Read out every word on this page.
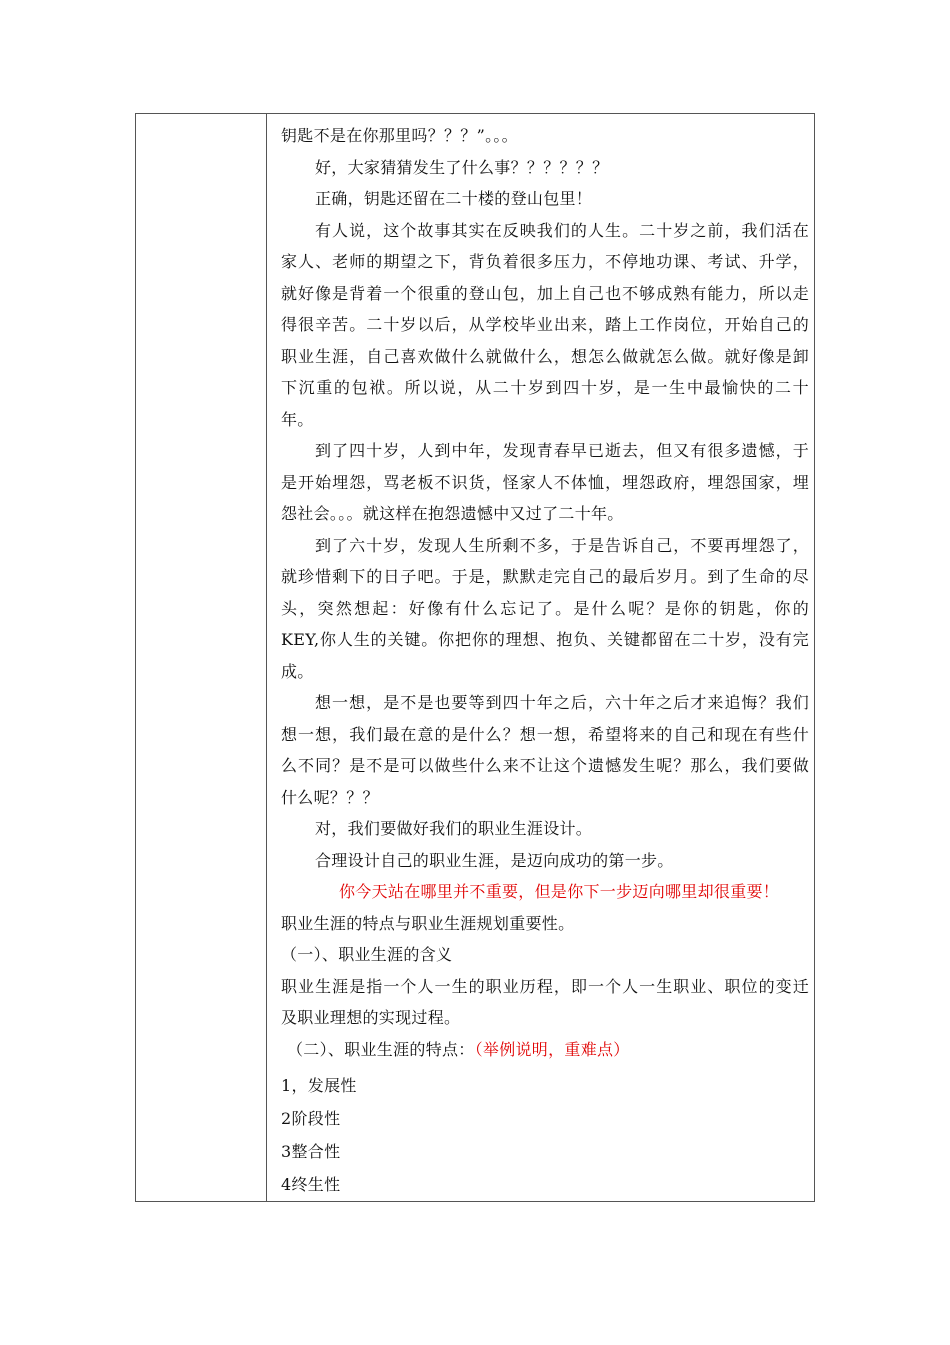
钥匙不是在你那里吗？？？”。。。
好，大家猜猜发生了什么事？？？？？？
正确，钥匙还留在二十楼的登山包里！
有人说，这个故事其实在反映我们的人生。二十岁之前，我们活在
家人、老师的期望之下，背负着很多压力，不停地功课、考试、升学，
就好像是背着一个很重的登山包，加上自己也不够成熟有能力，所以走
得很辛苦。二十岁以后，从学校毕业出来，踏上工作岗位，开始自己的
职业生涯，自己喜欢做什么就做什么，想怎么做就怎么做。就好像是卸
下沉重的包袱。所以说，从二十岁到四十岁，是一生中最愉快的二十
年。
到了四十岁，人到中年，发现青春早已逝去，但又有很多遗憾，于
是开始埋怨，骂老板不识货，怪家人不体恤，埋怨政府，埋怨国家，埋
怨社会。。。就这样在抱怨遗憾中又过了二十年。
到了六十岁，发现人生所剩不多，于是告诉自己，不要再埋怨了，
就珍惜剩下的日子吧。于是，默默走完自己的最后岁月。到了生命的尽
头，突然想起：好像有什么忘记了。是什么呢？是你的钥匙，你的
KEY,你人生的关键。你把你的理想、抱负、关键都留在二十岁，没有完
成。
想一想，是不是也要等到四十年之后，六十年之后才来追悔？我们
想一想，我们最在意的是什么？想一想，希望将来的自己和现在有些什
么不同？是不是可以做些什么来不让这个遗憾发生呢？那么，我们要做
什么呢？？？
对，我们要做好我们的职业生涯设计。
合理设计自己的职业生涯，是迈向成功的第一步。
你今天站在哪里并不重要，但是你下一步迈向哪里却很重要！
职业生涯的特点与职业生涯规划重要性。
（一）、职业生涯的含义
职业生涯是指一个人一生的职业历程，即一个人一生职业、职位的变迁
及职业理想的实现过程。
（二）、职业生涯的特点：（举例说明，重难点）
1，发展性
2阶段性
3整合性
4终生性
